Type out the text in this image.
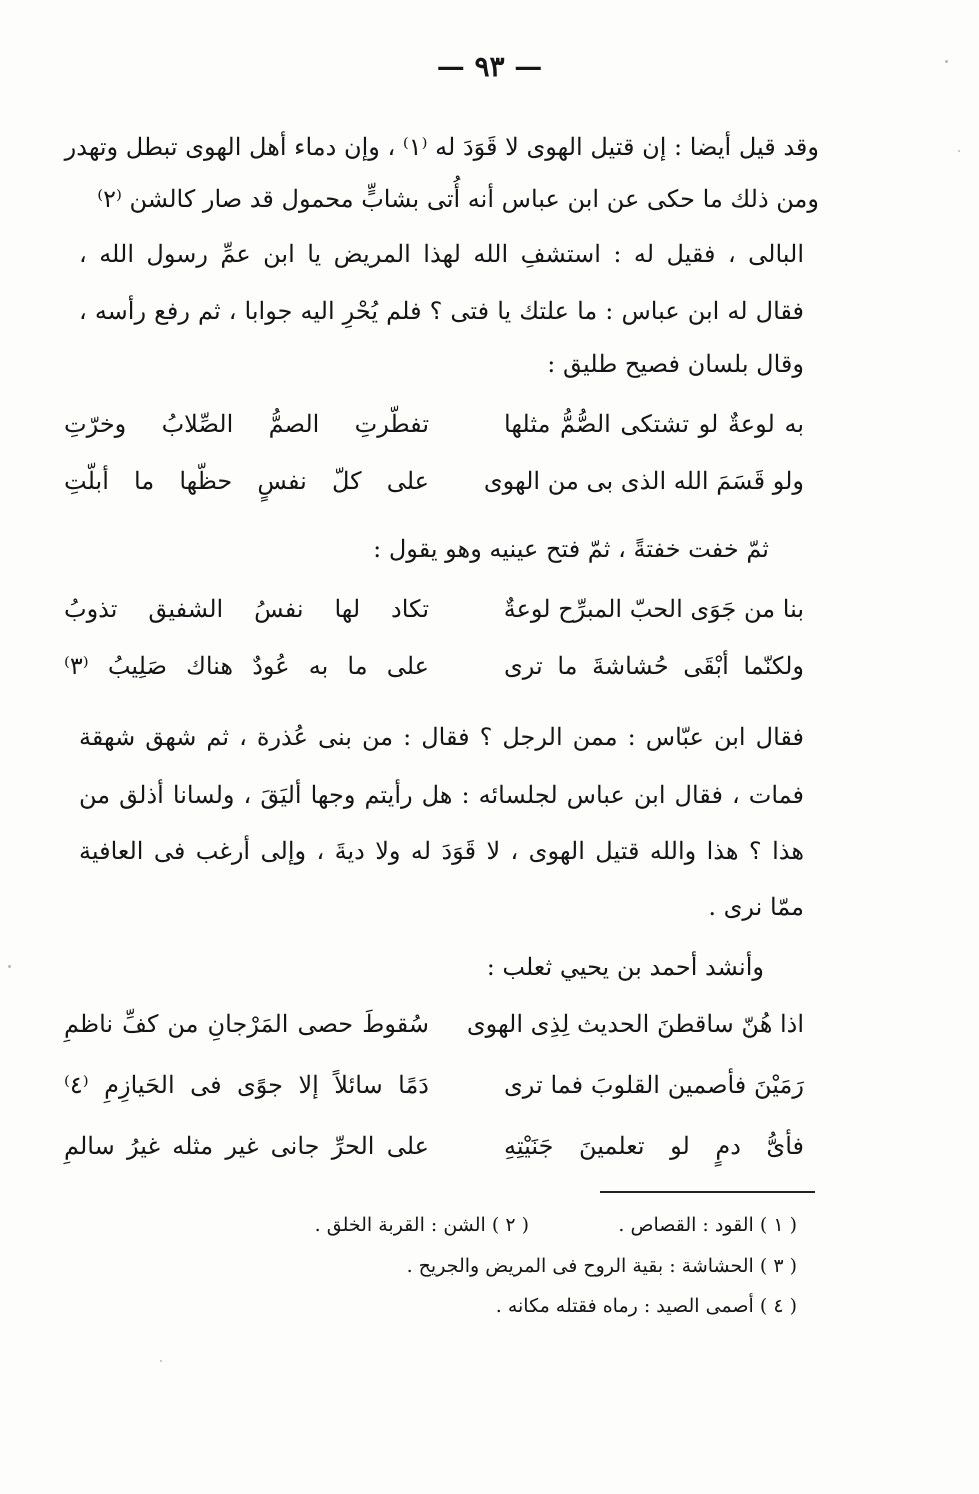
— ٩٣ —
وقد قيل أيضا : إن قتيل الهوى لا قَوَدَ له ⁽١⁾ ، وإن دماء أهل الهوى تبطل وتهدر
ومن ذلك ما حكى عن ابن عباس أنه أُتى بشابٍّ محمول قد صار كالشن ⁽٢⁾
البالى ، فقيل له : استشفِ الله لهذا المريض يا ابن عمِّ رسول الله ،
فقال له ابن عباس : ما علتك يا فتى ؟ فلم يُحْرِ اليه جوابا ، ثم رفع رأسه ،
وقال بلسان فصيح طليق :
به لوعةٌ لو تشتكى الصُّمُّ مثلها
تفطّرتِ الصمُّ الصِّلابُ وخرّتِ
ولو قَسَمَ الله الذى بى من الهوى
على كلّ نفسٍ حظّها ما أبلّتِ
ثمّ خفت خفتةً ، ثمّ فتح عينيه وهو يقول :
بنا من جَوَى الحبّ المبرِّح لوعةٌ
تكاد لها نفسُ الشفيق تذوبُ
ولكنّما أبْقَى حُشاشةَ ما ترى
على ما به عُودٌ هناك صَلِيبُ ⁽٣⁾
فقال ابن عبّاس : ممن الرجل ؟ فقال : من بنى عُذرة ، ثم شهق شهقة
فمات ، فقال ابن عباس لجلسائه : هل رأيتم وجها أليَقَ ، ولسانا أذلق من
هذا ؟ هذا والله قتيل الهوى ، لا قَوَدَ له ولا ديةَ ، وإلى أرغب فى العافية
ممّا نرى .
وأنشد أحمد بن يحيي ثعلب :
اذا هُنّ ساقطنَ الحديث لِذِى الهوى
سُقوطَ حصى المَرْجانِ من كفِّ ناظمِ
رَمَيْنَ فأصمين القلوبَ فما ترى
دَمًا سائلاً إلا جوًى فى الحَيازِمِ ⁽٤⁾
فأىُّ دمٍ لو تعلمينَ جَنَيْتِهِ
على الحرِّ جانى غير مثله غيرُ سالمِ
( ١ ) القود : القصاص .
( ٢ ) الشن : القربة الخلق .
( ٣ ) الحشاشة : بقية الروح فى المريض والجريح .
( ٤ ) أصمى الصيد : رماه فقتله مكانه .
